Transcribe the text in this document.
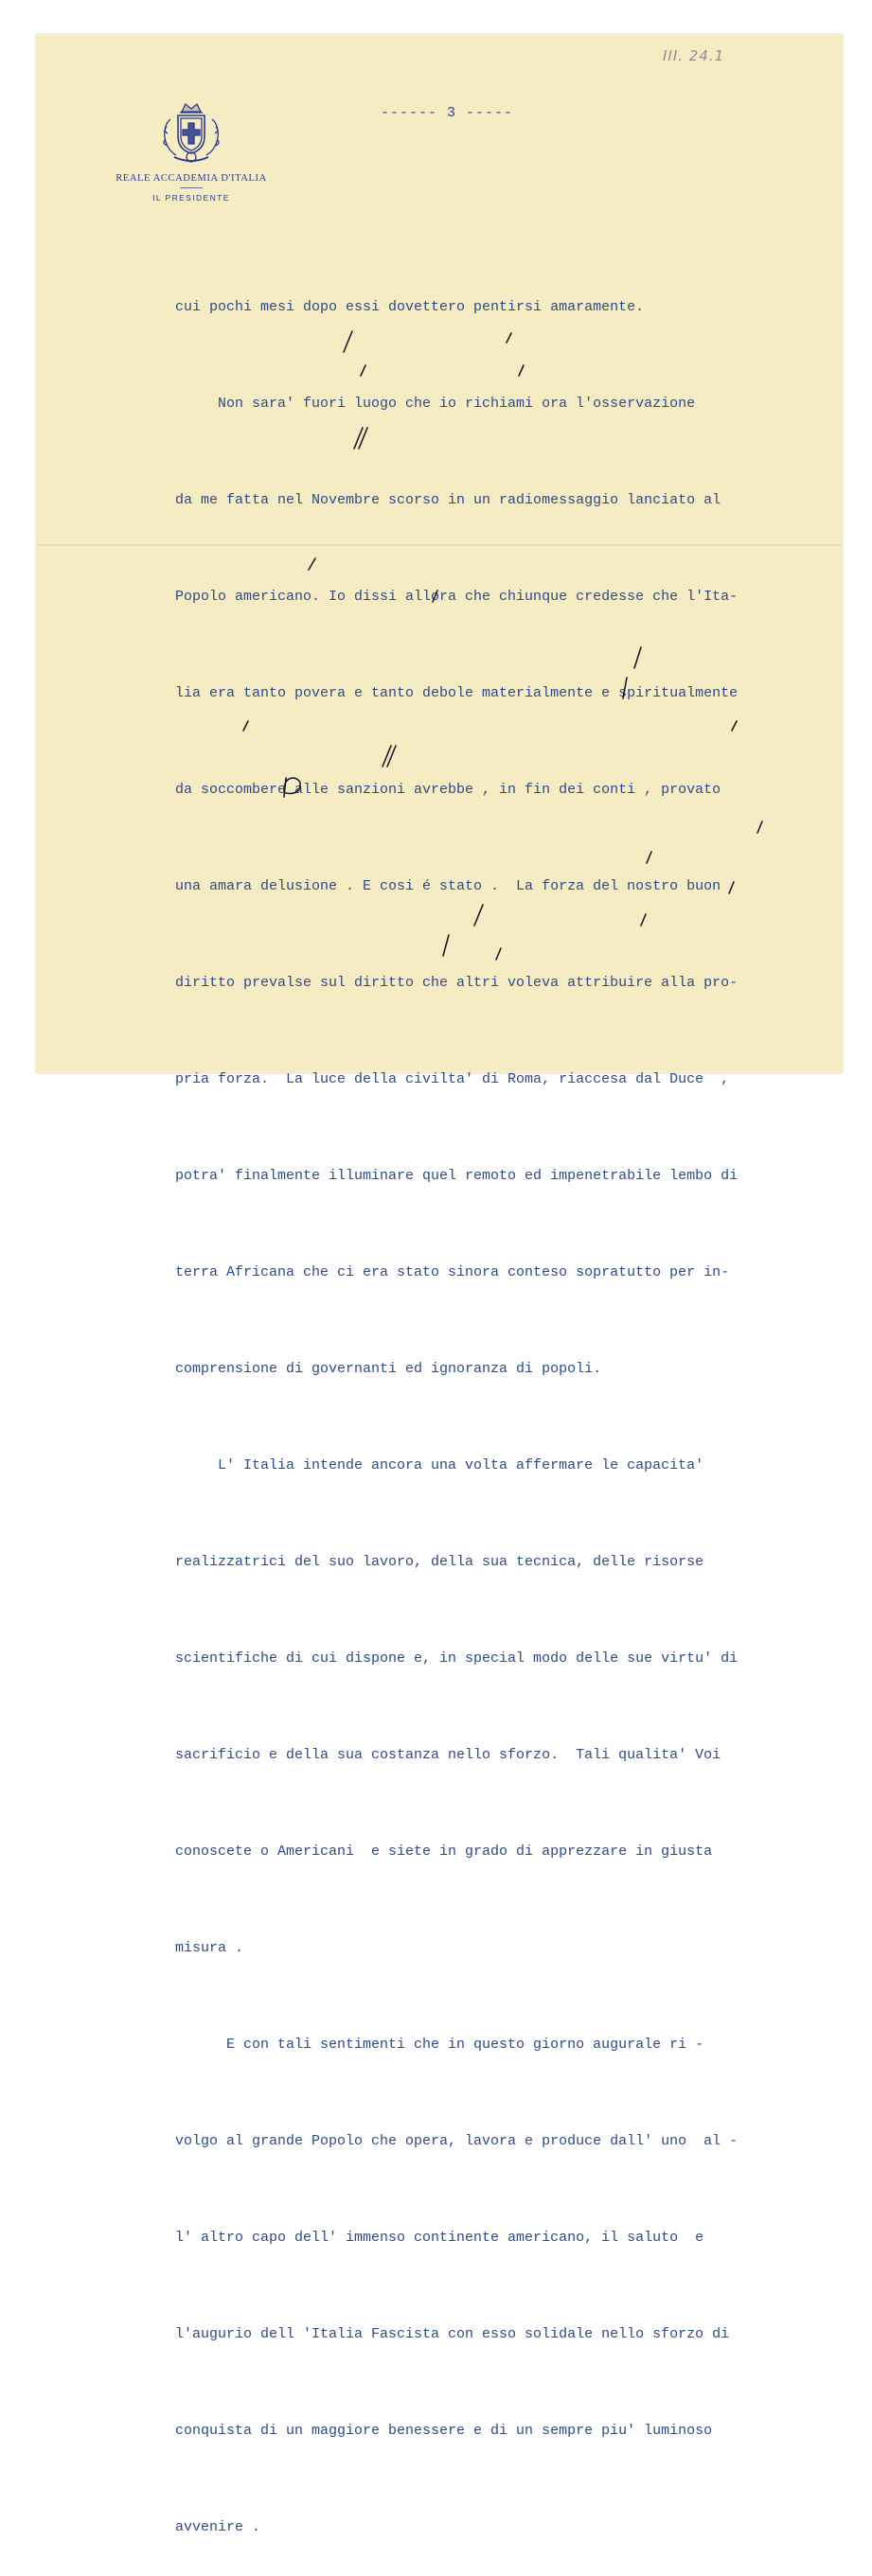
III. 24.1
REALE ACCADEMIA D'ITALIA
IL PRESIDENTE
------ 3 -----

cui pochi mesi dopo essi dovettero pentirsi amaramente.

Non sara' fuori luogo che io richiami ora l'osservazione

da me fatta nel Novembre scorso in un radiomessaggio lanciato al

Popolo americano. Io dissi allora che chiunque credesse che l'Ita-

lia era tanto povera e tanto debole materialmente e spiritualmente

da soccombere alle sanzioni avrebbe , in fin dei conti , provato

una amara delusione . E cosi é stato .  La forza del nostro buon

diritto prevalse sul diritto che altri voleva attribuire alla pro-

pria forza.  La luce della civilta' di Roma, riaccesa dal Duce  ,

potra' finalmente illuminare quel remoto ed impenetrabile lembo di

terra Africana che ci era stato sinora conteso sopratutto per in-

comprensione di governanti ed ignoranza di popoli.

L' Italia intende ancora una volta affermare le capacita'

realizzatrici del suo lavoro, della sua tecnica, delle risorse

scientifiche di cui dispone e, in special modo delle sue virtu' di

sacrificio e della sua costanza nello sforzo.  Tali qualita' Voi

conoscete o Americani  e siete in grado di apprezzare in giusta

misura .

E con tali sentimenti che in questo giorno augurale ri -

volgo al grande Popolo che opera, lavora e produce dall' uno  al -

l' altro capo dell' immenso continente americano, il saluto  e

l'augurio dell 'Italia Fascista con esso solidale nello sforzo di

conquista di un maggiore benessere e di un sempre piu' luminoso

avvenire .
